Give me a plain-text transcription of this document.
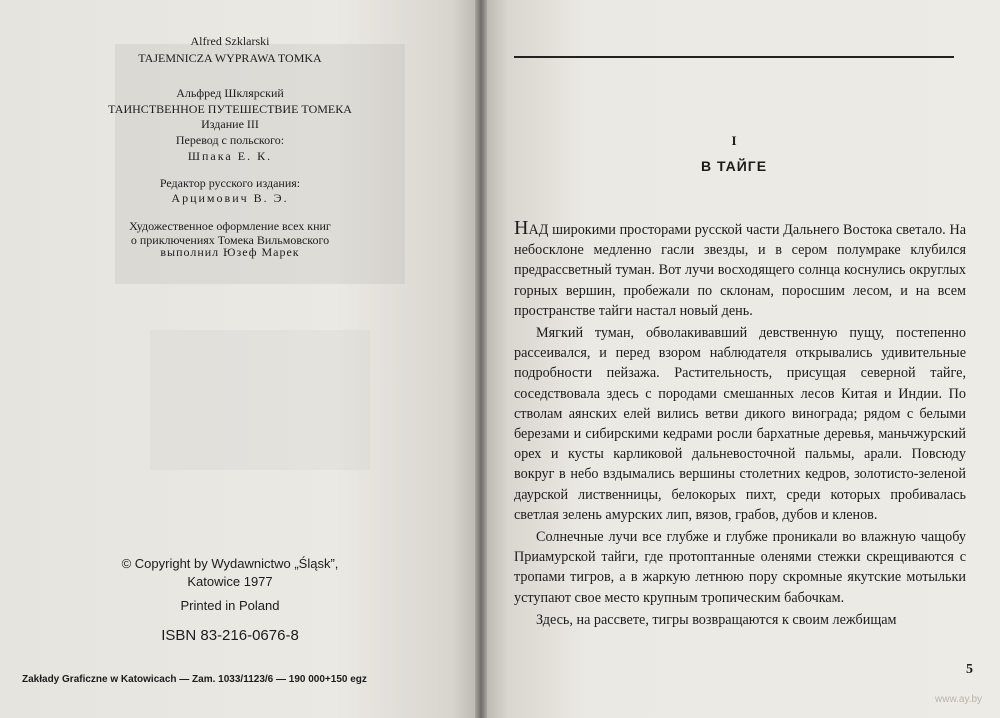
Alfred Szklarski
TAJEMNICZA WYPRAWA TOMKA
Альфред Шклярский
ТАИНСТВЕННОЕ ПУТЕШЕСТВИЕ ТОМЕКА
Издание III
Перевод с польского:
Шпака Е. К.
Редактор русского издания:
Арцимович В. Э.
Художественное оформление всех книг
о приключениях Томека Вильмовского
выполнил Юзеф Марек
© Copyright by Wydawnictwo „Śląsk”,
Katowice 1977
Printed in Poland
ISBN 83-216-0676-8
Zakłady Graficzne w Katowicach — Zam. 1033/1123/6 — 190 000+150 egz
I
В ТАЙГЕ

НАД широкими просторами русской части Дальнего Востока светало. На небосклоне медленно гасли звезды, и в сером полумраке клубился предрассветный туман. Вот лучи восходящего солнца коснулись округлых горных вершин, пробежали по склонам, поросшим лесом, и на всем пространстве тайги настал новый день.

Мягкий туман, обволакивавший девственную пущу, постепенно рассеивался, и перед взором наблюдателя открывались удивительные подробности пейзажа. Растительность, присущая северной тайге, соседствовала здесь с породами смешанных лесов Китая и Индии. По стволам аянских елей вились ветви дикого винограда; рядом с белыми березами и сибирскими кедрами росли бархатные деревья, маньчжурский орех и кусты карликовой дальневосточной пальмы, арали. Повсюду вокруг в небо вздымались вершины столетних кедров, золотисто-зеленой даурской лиственницы, белокорых пихт, среди которых пробивалась светлая зелень амурских лип, вязов, грабов, дубов и кленов.

Солнечные лучи все глубже и глубже проникали во влажную чащобу Приамурской тайги, где протоптанные оленями стежки скрещиваются с тропами тигров, а в жаркую летнюю пору скромные якутские мотыльки уступают свое место крупным тропическим бабочкам.

Здесь, на рассвете, тигры возвращаются к своим лежбищам

5
www.ay.by
